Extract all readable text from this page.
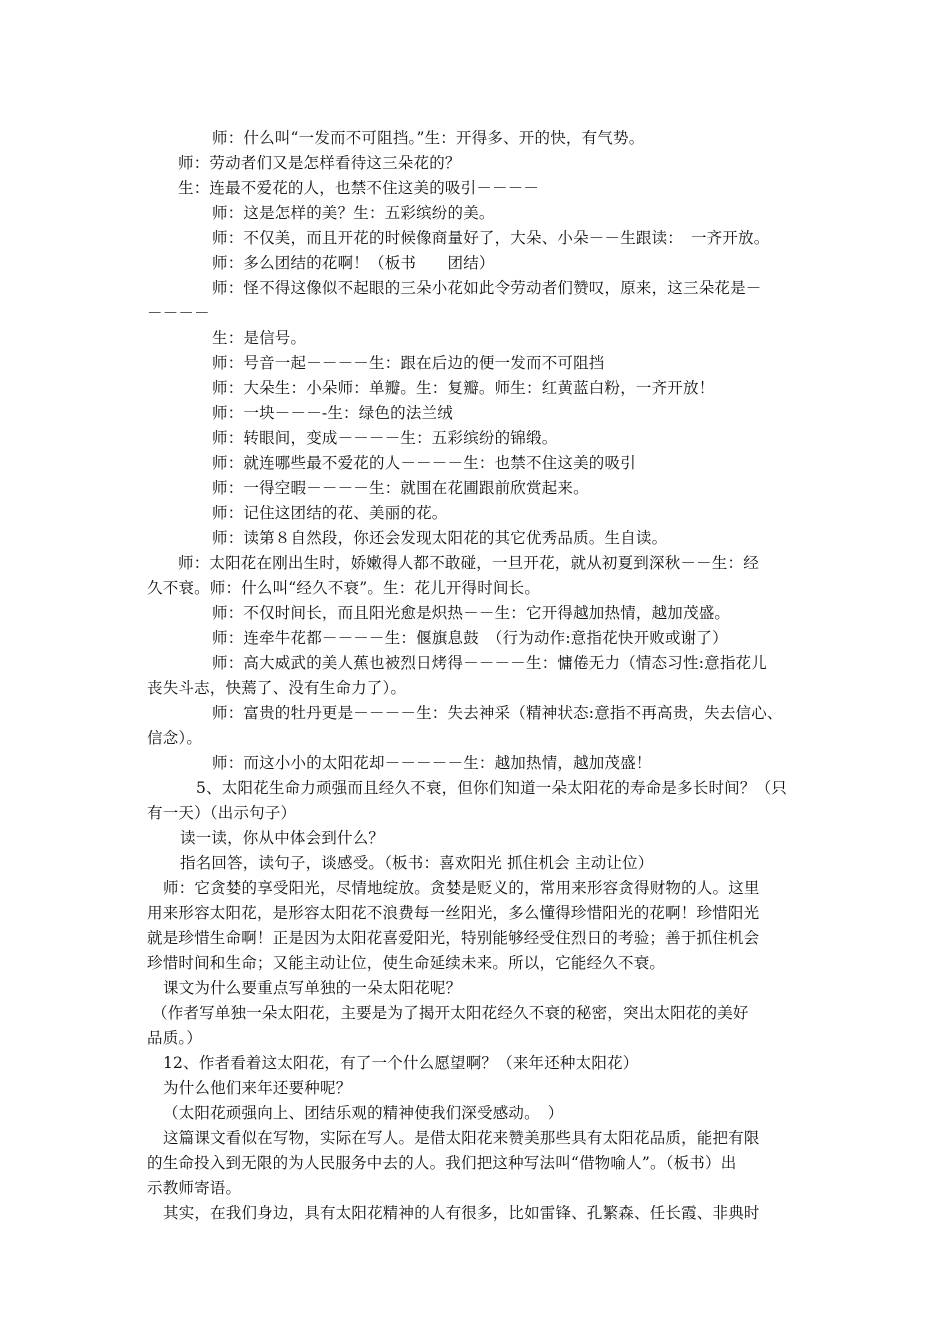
师：什么叫“一发而不可阻挡。”生：开得多、开的快，有气势。
师：劳动者们又是怎样看待这三朵花的？
生：连最不爱花的人，也禁不住这美的吸引－－－－
师：这是怎样的美？生：五彩缤纷的美。
师：不仅美，而且开花的时候像商量好了，大朵、小朵－－生跟读：　一齐开放。
师：多么团结的花啊！（板书　　团结）
师：怪不得这像似不起眼的三朵小花如此令劳动者们赞叹，原来，这三朵花是－
－－－－
生：是信号。
师：号音一起－－－－生：跟在后边的便一发而不可阻挡
师：大朵生：小朵师：单瓣。生：复瓣。师生：红黄蓝白粉，一齐开放！
师：一块－－－-生：绿色的法兰绒
师：转眼间，变成－－－－生：五彩缤纷的锦缎。
师：就连哪些最不爱花的人－－－－生：也禁不住这美的吸引
师：一得空暇－－－－生：就围在花圃跟前欣赏起来。
师：记住这团结的花、美丽的花。
师：读第８自然段，你还会发现太阳花的其它优秀品质。生自读。
师：太阳花在刚出生时，娇嫩得人都不敢碰，一旦开花，就从初夏到深秋－－生：经
久不衰。师：什么叫“经久不衰”。生：花儿开得时间长。
师：不仅时间长，而且阳光愈是炽热－－生：它开得越加热情，越加茂盛。
师：连牵牛花都－－－－生：偃旗息鼓　（行为动作:意指花快开败或谢了）
师：高大威武的美人蕉也被烈日烤得－－－－生：慵倦无力（情态习性:意指花儿
丧失斗志，快蔫了、没有生命力了）。
师：富贵的牡丹更是－－－－生：失去神采（精神状态:意指不再高贵，失去信心、
信念）。
师：而这小小的太阳花却－－－－－生：越加热情，越加茂盛！
5、太阳花生命力顽强而且经久不衰，但你们知道一朵太阳花的寿命是多长时间？（只
有一天）（出示句子）
读一读，你从中体会到什么？
指名回答，读句子，谈感受。（板书：喜欢阳光 抓住机会 主动让位）
师：它贪婪的享受阳光，尽情地绽放。贪婪是贬义的，常用来形容贪得财物的人。这里
用来形容太阳花，是形容太阳花不浪费每一丝阳光，多么懂得珍惜阳光的花啊！珍惜阳光
就是珍惜生命啊！正是因为太阳花喜爱阳光，特别能够经受住烈日的考验；善于抓住机会
珍惜时间和生命；又能主动让位，使生命延续未来。所以，它能经久不衰。
课文为什么要重点写单独的一朵太阳花呢？
（作者写单独一朵太阳花，主要是为了揭开太阳花经久不衰的秘密，突出太阳花的美好
品质。）
12、作者看着这太阳花，有了一个什么愿望啊？（来年还种太阳花）
为什么他们来年还要种呢？
（太阳花顽强向上、团结乐观的精神使我们深受感动。　）
这篇课文看似在写物，实际在写人。是借太阳花来赞美那些具有太阳花品质，能把有限
的生命投入到无限的为人民服务中去的人。我们把这种写法叫“借物喻人”。（板书）出
示教师寄语。
其实，在我们身边，具有太阳花精神的人有很多，比如雷锋、孔繁森、任长霞、非典时
